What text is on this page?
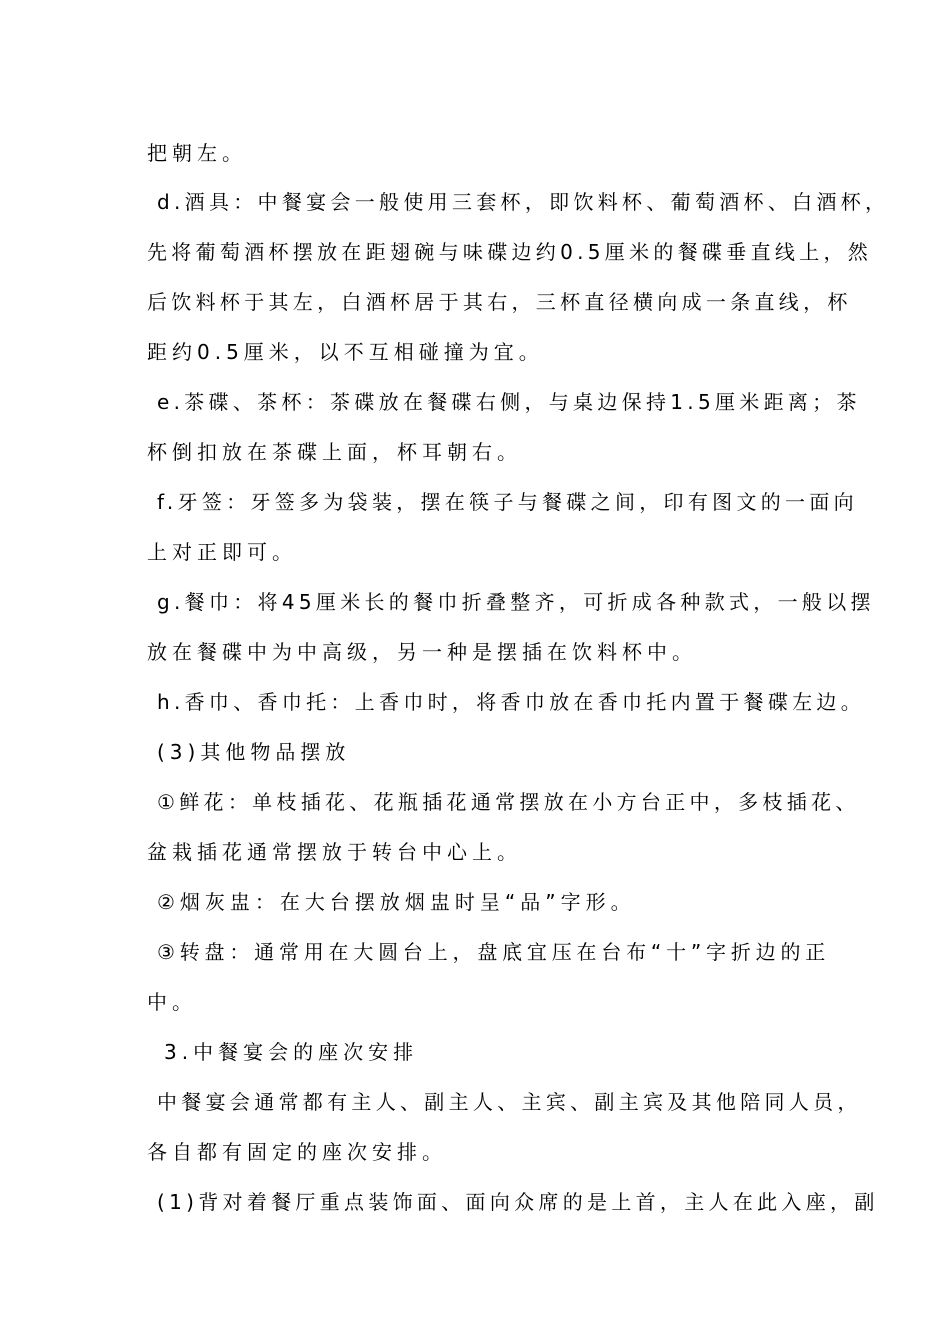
把朝左。
d.酒具：中餐宴会一般使用三套杯，即饮料杯、葡萄酒杯、白酒杯，
先将葡萄酒杯摆放在距翅碗与味碟边约0.5厘米的餐碟垂直线上，然
后饮料杯于其左，白酒杯居于其右，三杯直径横向成一条直线，杯
距约0.5厘米，以不互相碰撞为宜。
e.茶碟、茶杯：茶碟放在餐碟右侧，与桌边保持1.5厘米距离；茶
杯倒扣放在茶碟上面，杯耳朝右。
f.牙签：牙签多为袋装，摆在筷子与餐碟之间，印有图文的一面向
上对正即可。
g.餐巾：将45厘米长的餐巾折叠整齐，可折成各种款式，一般以摆
放在餐碟中为中高级，另一种是摆插在饮料杯中。
h.香巾、香巾托：上香巾时，将香巾放在香巾托内置于餐碟左边。
(3)其他物品摆放
①鲜花：单枝插花、花瓶插花通常摆放在小方台正中，多枝插花、
盆栽插花通常摆放于转台中心上。
②烟灰盅：在大台摆放烟盅时呈“品”字形。
③转盘：通常用在大圆台上，盘底宜压在台布“十”字折边的正
中。
3.中餐宴会的座次安排
中餐宴会通常都有主人、副主人、主宾、副主宾及其他陪同人员，
各自都有固定的座次安排。
(1)背对着餐厅重点装饰面、面向众席的是上首，主人在此入座，副
